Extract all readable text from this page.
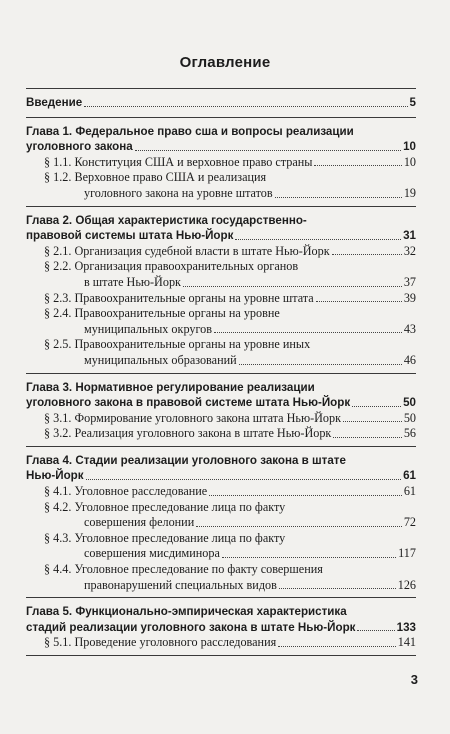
Оглавление
Введение	5
Глава 1. Федеральное право сша и вопросы реализации
уголовного закона	10
§ 1.1. Конституция США и верховное право страны	10
§ 1.2. Верховное право США и реализация
уголовного закона на уровне штатов	19
Глава 2. Общая характеристика государственно-
правовой системы штата Нью-Йорк	31
§ 2.1. Организация судебной власти в штате Нью-Йорк	32
§ 2.2. Организация правоохранительных органов
в штате Нью-Йорк	37
§ 2.3. Правоохранительные органы на уровне штата	39
§ 2.4. Правоохранительные органы на уровне
муниципальных округов	43
§ 2.5. Правоохранительные органы на уровне иных
муниципальных образований	46
Глава 3. Нормативное регулирование реализации
уголовного закона в правовой системе штата Нью-Йорк	50
§ 3.1. Формирование уголовного закона штата Нью-Йорк	50
§ 3.2. Реализация уголовного закона в штате Нью-Йорк	56
Глава 4. Стадии реализации уголовного закона в штате
Нью-Йорк	61
§ 4.1. Уголовное расследование	61
§ 4.2. Уголовное преследование лица по факту
совершения фелонии	72
§ 4.3. Уголовное преследование лица по факту
совершения мисдиминора	117
§ 4.4. Уголовное преследование по факту совершения
правонарушений специальных видов	126
Глава 5. Функционально-эмпирическая характеристика
стадий реализации уголовного закона в штате Нью-Йорк	133
§ 5.1. Проведение уголовного расследования	141
3
